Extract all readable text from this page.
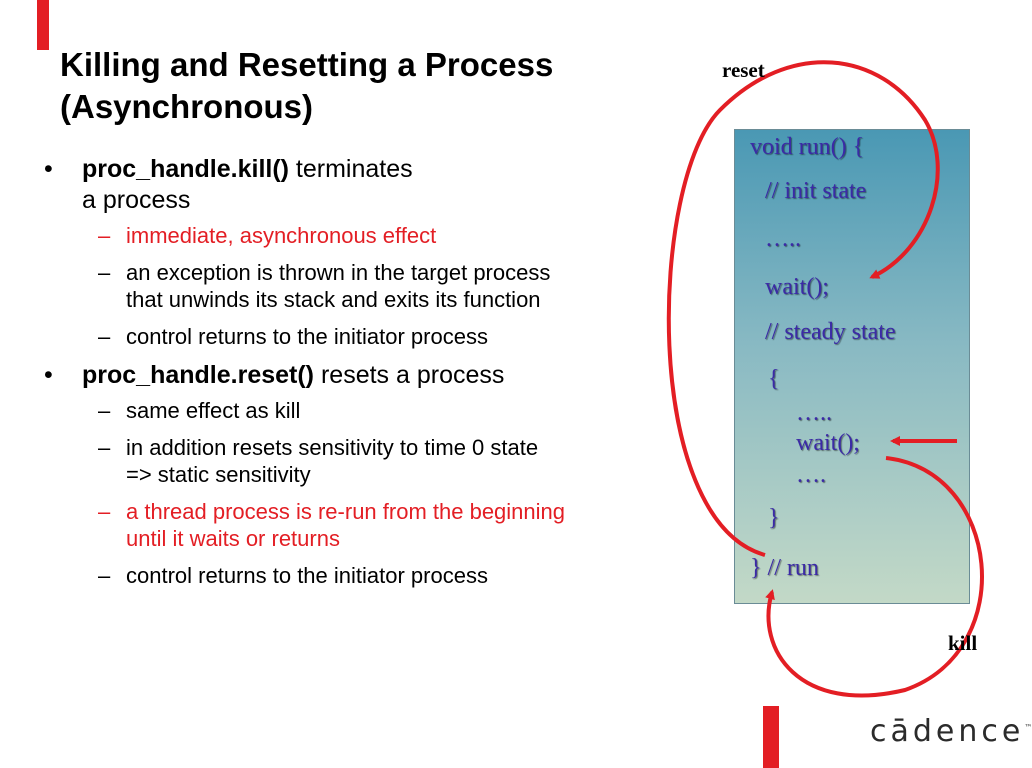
Killing and Resetting a Process
(Asynchronous)
• proc_handle.kill() terminates
a process
– immediate, asynchronous effect
– an exception is thrown in the target process
that unwinds its stack and exits its function
– control returns to the initiator process
• proc_handle.reset() resets a process
– same effect as kill
– in addition resets sensitivity to time 0 state
=> static sensitivity
– a thread process is re-run from the beginning
until it waits or returns
– control returns to the initiator process
void run() {
// init state
…..
wait();
// steady state
{
…..
wait();
….
}
} // run
reset
kill
cādence™
